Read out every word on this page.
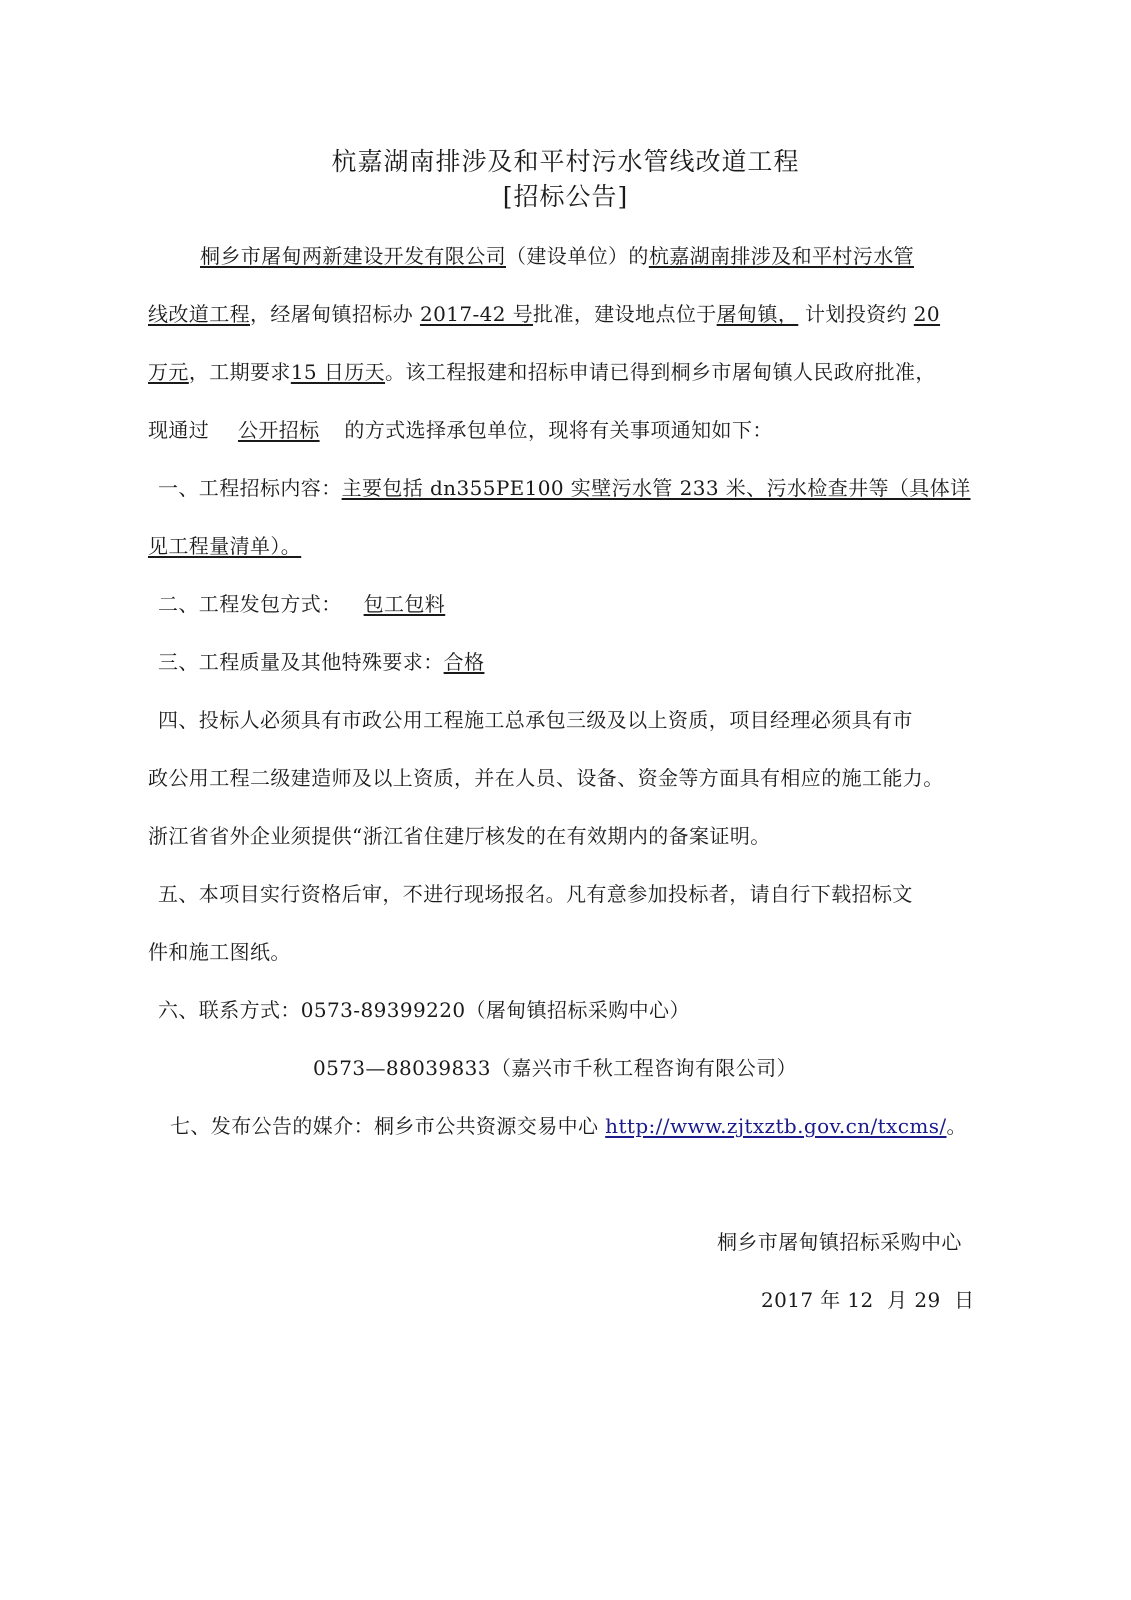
杭嘉湖南排涉及和平村污水管线改道工程
[招标公告]
桐乡市屠甸两新建设开发有限公司（建设单位）的杭嘉湖南排涉及和平村污水管
线改道工程，经屠甸镇招标办 2017-42 号批准，建设地点位于屠甸镇， 计划投资约 20
万元，工期要求15 日历天。该工程报建和招标申请已得到桐乡市屠甸镇人民政府批准，
现通过 公开招标 的方式选择承包单位，现将有关事项通知如下：
一、工程招标内容：主要包括 dn355PE100 实壁污水管 233 米、污水检查井等（具体详
见工程量清单）。
二、工程发包方式： 包工包料
三、工程质量及其他特殊要求：合格
四、投标人必须具有市政公用工程施工总承包三级及以上资质，项目经理必须具有市
政公用工程二级建造师及以上资质，并在人员、设备、资金等方面具有相应的施工能力。
浙江省省外企业须提供“浙江省住建厅核发的在有效期内的备案证明。
五、本项目实行资格后审，不进行现场报名。凡有意参加投标者，请自行下载招标文
件和施工图纸。
六、联系方式：0573-89399220（屠甸镇招标采购中心）
0573—88039833（嘉兴市千秋工程咨询有限公司）
七、发布公告的媒介：桐乡市公共资源交易中心 http://www.zjtxztb.gov.cn/txcms/。
桐乡市屠甸镇招标采购中心
2017 年 12  月 29  日
